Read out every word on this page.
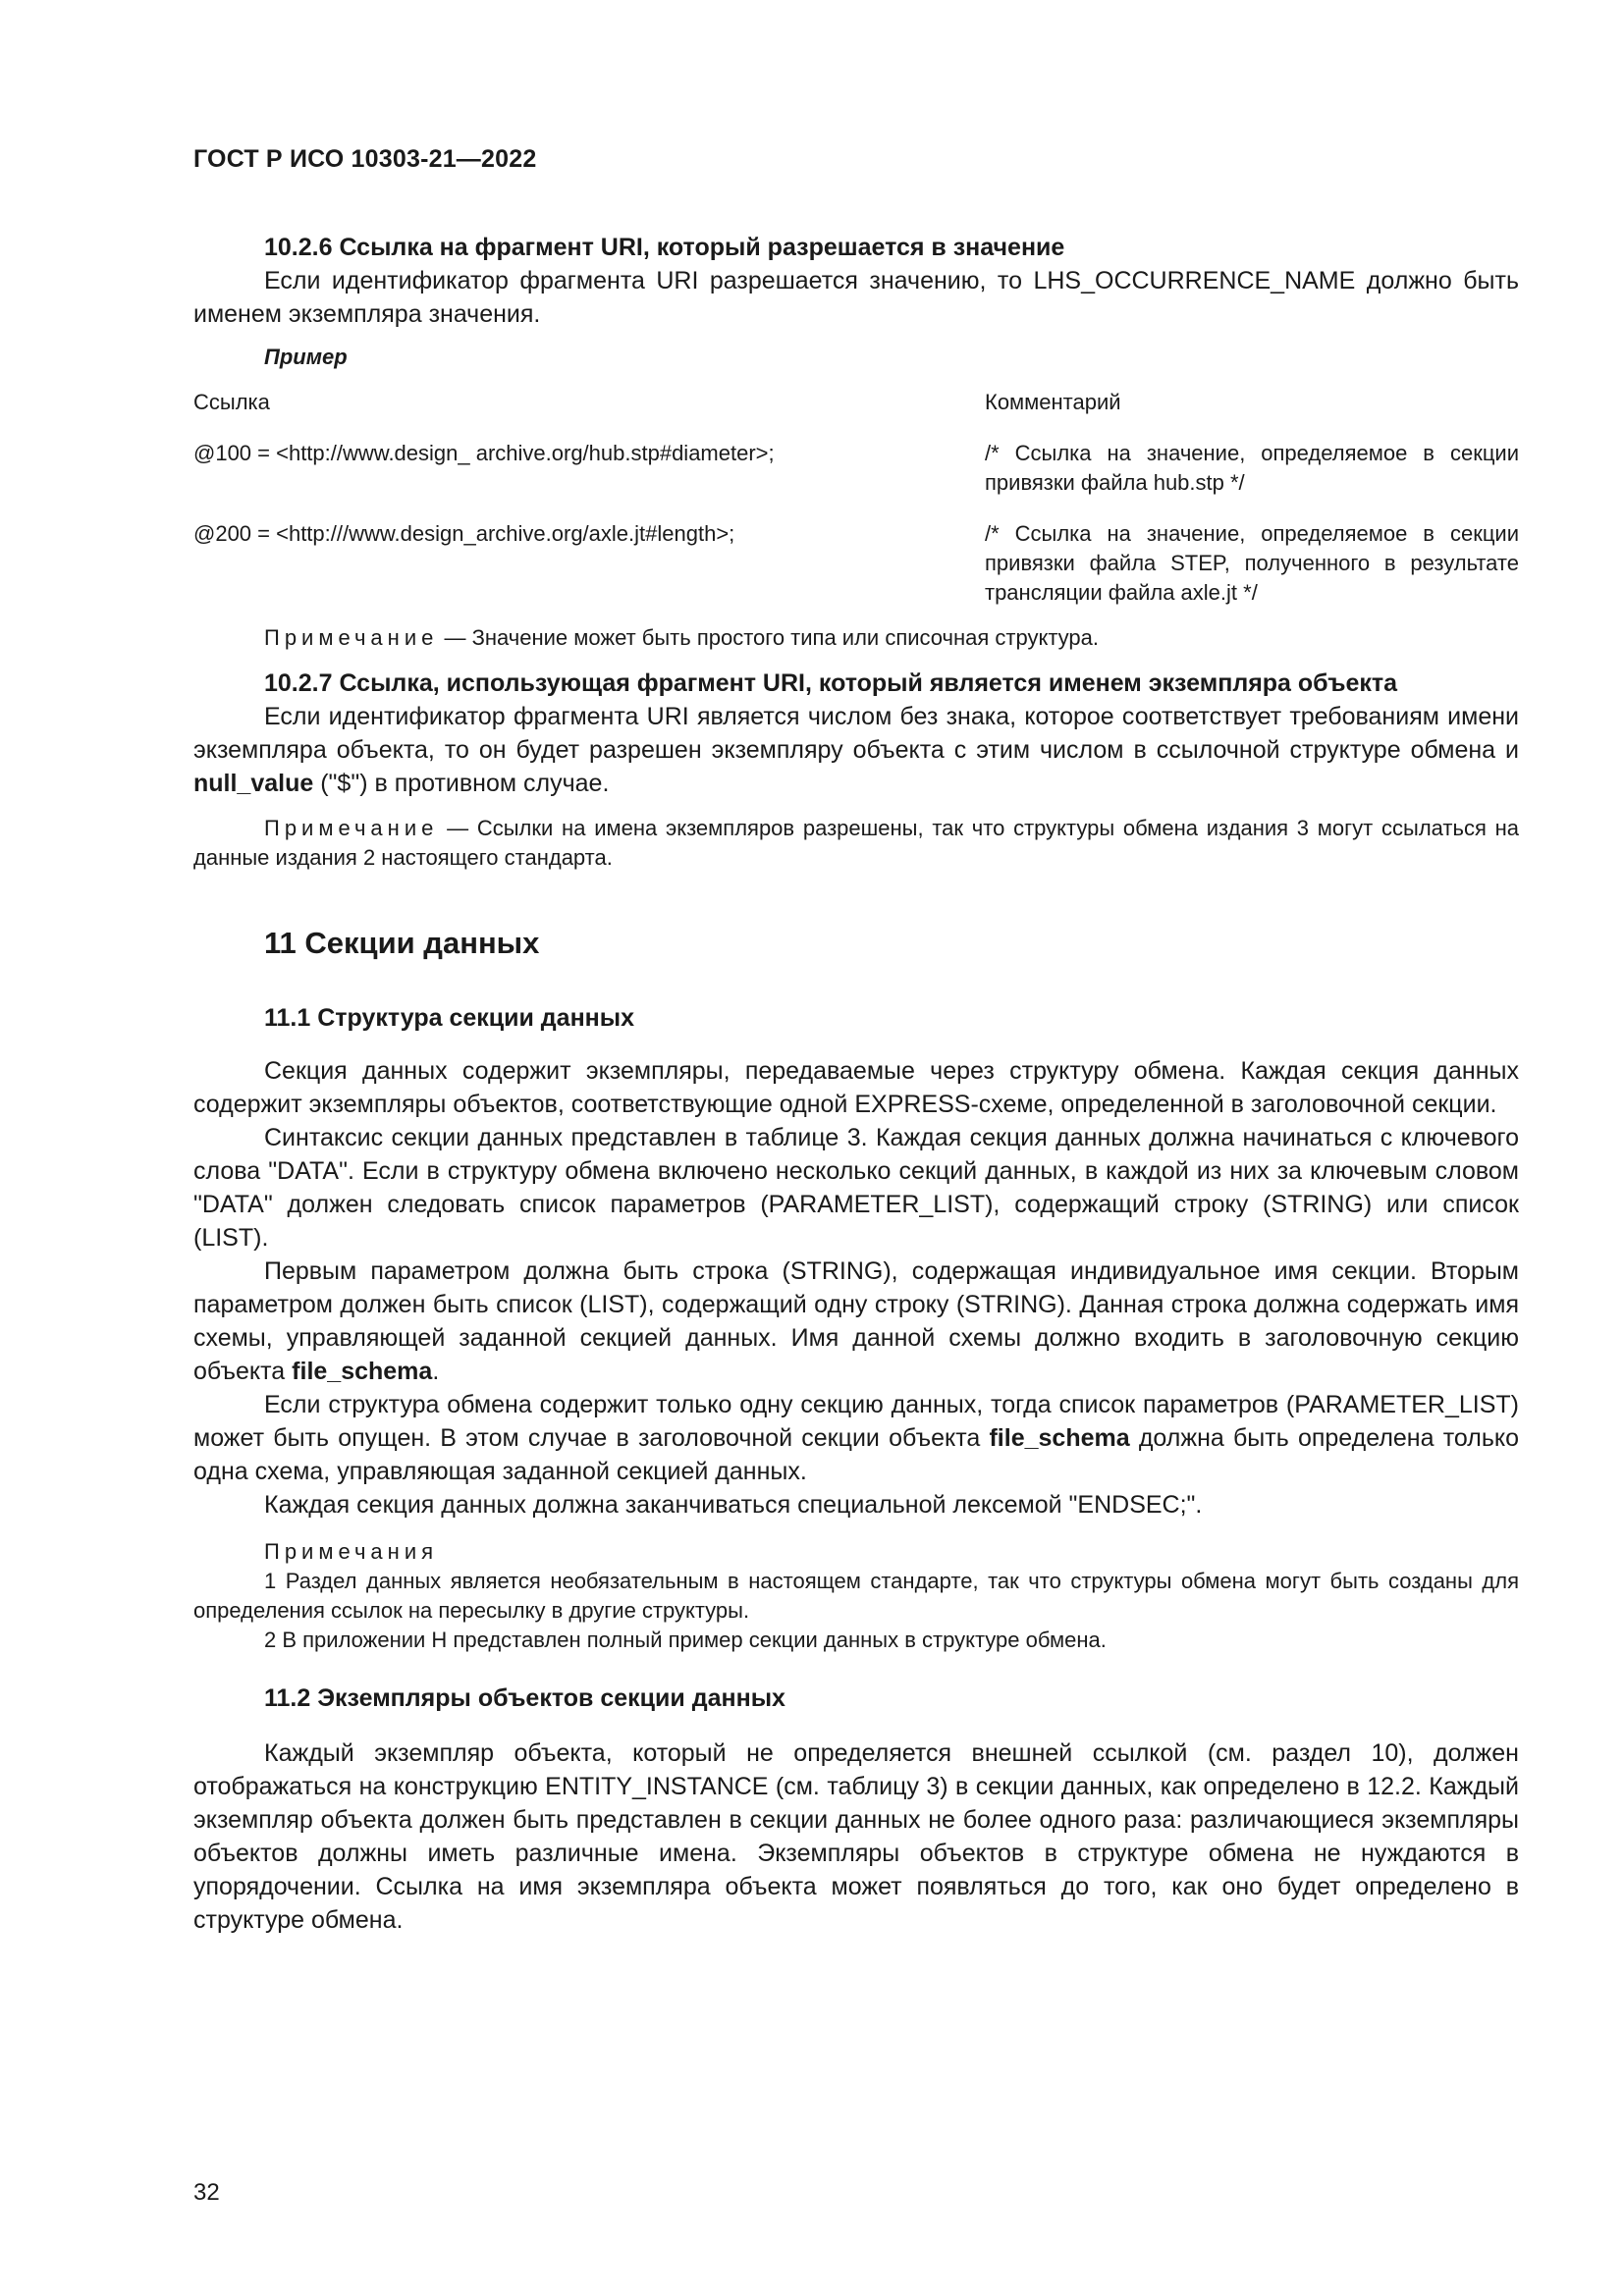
ГОСТ Р ИСО 10303-21—2022

10.2.6 Ссылка на фрагмент URI, который разрешается в значение

Если идентификатор фрагмента URI разрешается значению, то LHS_OCCURRENCE_NAME должно быть именем экземпляра значения.

Пример

Ссылка	Комментарий
@100 = <http://www.design_ archive.org/hub.stp#diameter>;	/* Ссылка на значение, определяемое в секции привязки файла hub.stp */
@200 = <http:///www.design_archive.org/axle.jt#length>;	/* Ссылка на значение, определяемое в секции привязки файла STEP, полученного в результате трансляции файла axle.jt */

Примечание — Значение может быть простого типа или списочная структура.

10.2.7 Ссылка, использующая фрагмент URI, который является именем экземпляра объекта

Если идентификатор фрагмента URI является числом без знака, которое соответствует требованиям имени экземпляра объекта, то он будет разрешен экземпляру объекта с этим числом в ссылочной структуре обмена и null_value ("$") в противном случае.

Примечание — Ссылки на имена экземпляров разрешены, так что структуры обмена издания 3 могут ссылаться на данные издания 2 настоящего стандарта.

11 Секции данных

11.1 Структура секции данных

Секция данных содержит экземпляры, передаваемые через структуру обмена. Каждая секция данных содержит экземпляры объектов, соответствующие одной EXPRESS-схеме, определенной в заголовочной секции.

Синтаксис секции данных представлен в таблице 3. Каждая секция данных должна начинаться с ключевого слова "DATA". Если в структуру обмена включено несколько секций данных, в каждой из них за ключевым словом "DATA" должен следовать список параметров (PARAMETER_LIST), содержащий строку (STRING) или список (LIST).

Первым параметром должна быть строка (STRING), содержащая индивидуальное имя секции. Вторым параметром должен быть список (LIST), содержащий одну строку (STRING). Данная строка должна содержать имя схемы, управляющей заданной секцией данных. Имя данной схемы должно входить в заголовочную секцию объекта file_schema.

Если структура обмена содержит только одну секцию данных, тогда список параметров (PARAMETER_LIST) может быть опущен. В этом случае в заголовочной секции объекта file_schema должна быть определена только одна схема, управляющая заданной секцией данных.

Каждая секция данных должна заканчиваться специальной лексемой "ENDSEC;".

Примечания

1 Раздел данных является необязательным в настоящем стандарте, так что структуры обмена могут быть созданы для определения ссылок на пересылку в другие структуры.

2 В приложении Н представлен полный пример секции данных в структуре обмена.

11.2 Экземпляры объектов секции данных

Каждый экземпляр объекта, который не определяется внешней ссылкой (см. раздел 10), должен отображаться на конструкцию ENTITY_INSTANCE (см. таблицу 3) в секции данных, как определено в 12.2. Каждый экземпляр объекта должен быть представлен в секции данных не более одного раза: различающиеся экземпляры объектов должны иметь различные имена. Экземпляры объектов в структуре обмена не нуждаются в упорядочении. Ссылка на имя экземпляра объекта может появляться до того, как оно будет определено в структуре обмена.

32
